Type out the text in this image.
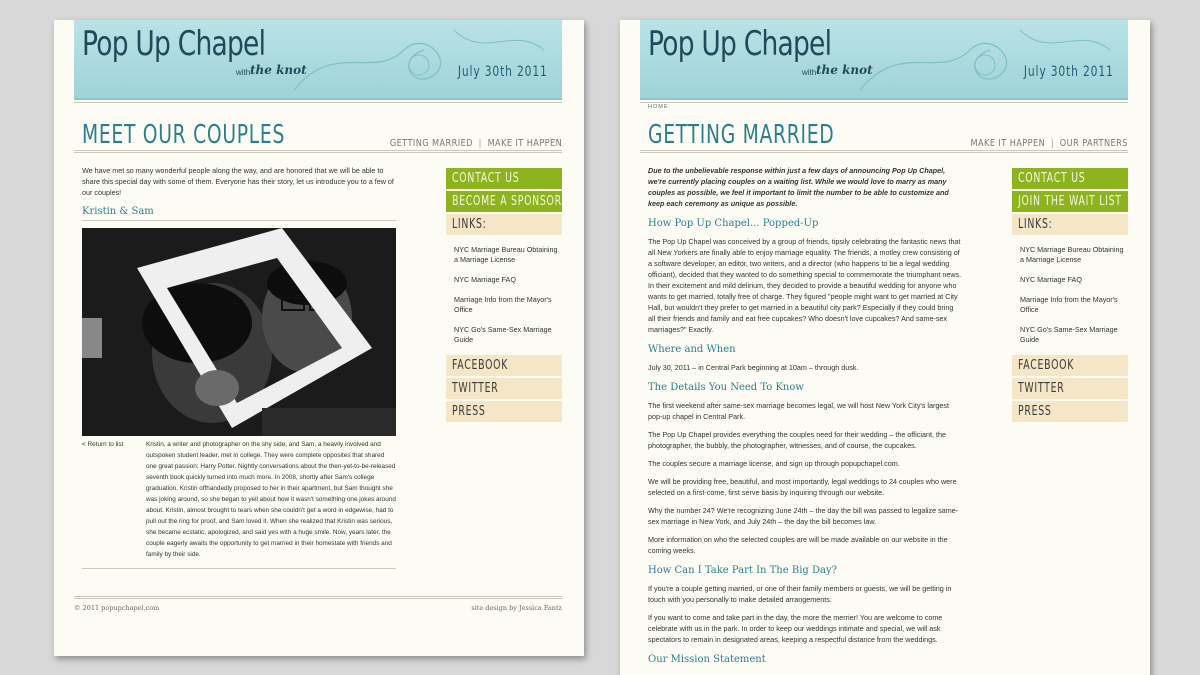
Pop Up Chapel
with the knot	July 30th 2011
MEET OUR COUPLES	GETTING MARRIED | MAKE IT HAPPEN

We have met so many wonderful people along the way, and are honored that we will be able to share this special day with some of them. Everyone has their story, let us introduce you to a few of our couples!

Kristin & Sam
< Return to list	Kristin, a writer and photographer on the shy side, and Sam, a heavily involved and outspoken student leader, met in college. They were complete opposites that shared one great passion: Harry Potter. Nightly conversations about the then-yet-to-be-released seventh book quickly turned into much more. In 2008, shortly after Sam's college graduation, Kristin offhandedly proposed to her in their apartment, but Sam thought she was joking around, so she began to yell about how it wasn't something one jokes around about. Kristin, almost brought to tears when she couldn't get a word in edgewise, had to pull out the ring for proof, and Sam loved it. When she realized that Kristin was serious, she became ecstatic, apologized, and said yes with a huge smile. Now, years later, the couple eagerly awaits the opportunity to get married in their homestate with friends and family by their side.
CONTACT US
BECOME A SPONSOR
LINKS:
NYC Marriage Bureau Obtaining a Marriage License
NYC Marriage FAQ
Marriage Info from the Mayor's Office
NYC Go's Same-Sex Marriage Guide
FACEBOOK
TWITTER
PRESS
© 2011 popupchapel.com	site design by Jessica Fantz
Pop Up Chapel
with the knot	July 30th 2011
HOME
GETTING MARRIED	MAKE IT HAPPEN | OUR PARTNERS

Due to the unbelievable response within just a few days of announcing Pop Up Chapel, we're currently placing couples on a waiting list. While we would love to marry as many couples as possible, we feel it important to limit the number to be able to customize and keep each ceremony as unique as possible.

How Pop Up Chapel... Popped-Up

The Pop Up Chapel was conceived by a group of friends, tipsily celebrating the fantastic news that all New Yorkers are finally able to enjoy marriage equality. The friends, a motley crew consisting of a software developer, an editor, two writers, and a director (who happens to be a legal wedding officiant), decided that they wanted to do something special to commemorate the triumphant news. In their excitement and mild delirium, they decided to provide a beautiful wedding for anyone who wants to get married, totally free of charge. They figured "people might want to get married at City Hall, but wouldn't they prefer to get married in a beautiful city park? Especially if they could bring all their friends and family and eat free cupcakes? Who doesn't love cupcakes? And same-sex marriages?" Exactly.

Where and When

July 30, 2011 – in Central Park beginning at 10am – through dusk.

The Details You Need To Know

The first weekend after same-sex marriage becomes legal, we will host New York City's largest pop-up chapel in Central Park.

The Pop Up Chapel provides everything the couples need for their wedding – the officiant, the photographer, the bubbly, the photographer, witnesses, and of course, the cupcakes.

The couples secure a marriage license, and sign up through popupchapel.com.

We will be providing free, beautiful, and most importantly, legal weddings to 24 couples who were selected on a first-come, first serve basis by inquiring through our website.

Why the number 24? We're recognizing June 24th – the day the bill was passed to legalize same-sex marriage in New York, and July 24th – the day the bill becomes law.

More information on who the selected couples are will be made available on our website in the coming weeks.

How Can I Take Part In The Big Day?

If you're a couple getting married, or one of their family members or guests, we will be getting in touch with you personally to make detailed arrangements.

If you want to come and take part in the day, the more the merrier! You are welcome to come celebrate with us in the park. In order to keep our weddings intimate and special, we will ask spectators to remain in designated areas, keeping a respectful distance from the weddings.

Our Mission Statement
CONTACT US
JOIN THE WAIT LIST
LINKS:
NYC Marriage Bureau Obtaining a Marriage License
NYC Marriage FAQ
Marriage Info from the Mayor's Office
NYC Go's Same-Sex Marriage Guide
FACEBOOK
TWITTER
PRESS
